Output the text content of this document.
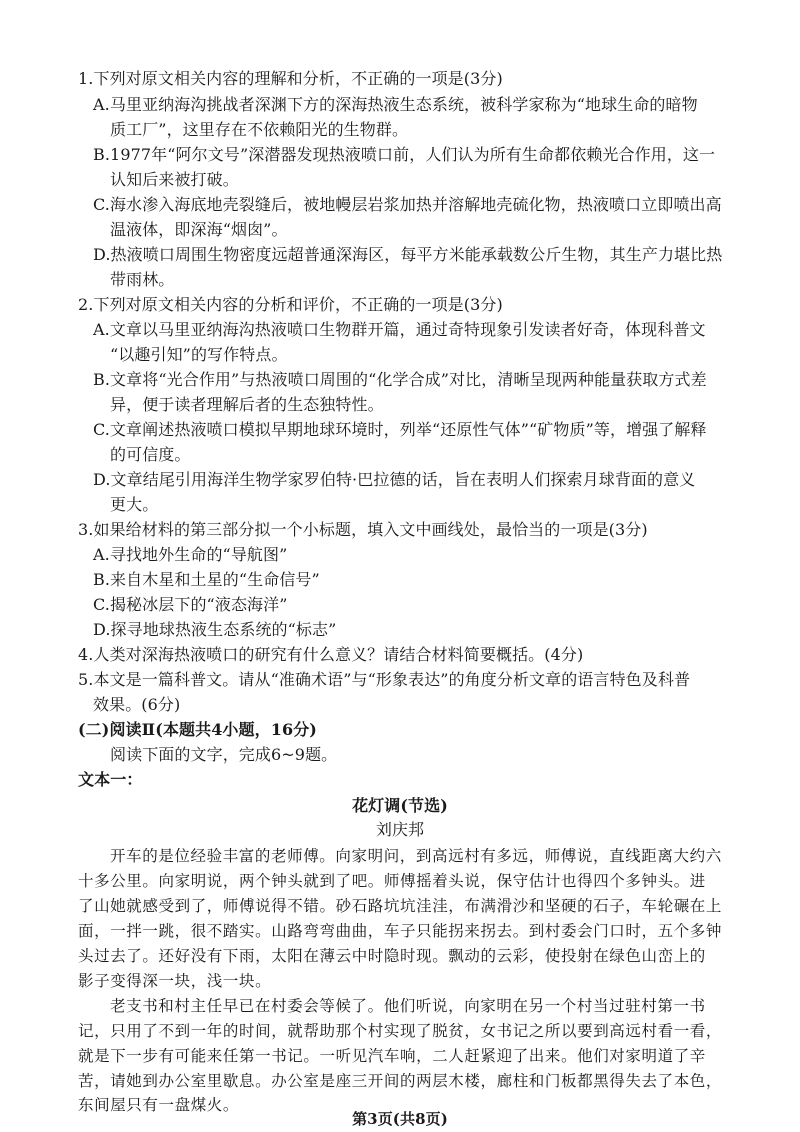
1.下列对原文相关内容的理解和分析，不正确的一项是(3分)
A.马里亚纳海沟挑战者深渊下方的深海热液生态系统，被科学家称为“地球生命的暗物
质工厂”，这里存在不依赖阳光的生物群。
B.1977年“阿尔文号”深潜器发现热液喷口前，人们认为所有生命都依赖光合作用，这一
认知后来被打破。
C.海水渗入海底地壳裂缝后，被地幔层岩浆加热并溶解地壳硫化物，热液喷口立即喷出高
温液体，即深海“烟囱”。
D.热液喷口周围生物密度远超普通深海区，每平方米能承载数公斤生物，其生产力堪比热
带雨林。
2.下列对原文相关内容的分析和评价，不正确的一项是(3分)
A.文章以马里亚纳海沟热液喷口生物群开篇，通过奇特现象引发读者好奇，体现科普文
“以趣引知”的写作特点。
B.文章将“光合作用”与热液喷口周围的“化学合成”对比，清晰呈现两种能量获取方式差
异，便于读者理解后者的生态独特性。
C.文章阐述热液喷口模拟早期地球环境时，列举“还原性气体”“矿物质”等，增强了解释
的可信度。
D.文章结尾引用海洋生物学家罗伯特·巴拉德的话，旨在表明人们探索月球背面的意义
更大。
3.如果给材料的第三部分拟一个小标题，填入文中画线处，最恰当的一项是(3分)
A.寻找地外生命的“导航图”
B.来自木星和土星的“生命信号”
C.揭秘冰层下的“液态海洋”
D.探寻地球热液生态系统的“标志”
4.人类对深海热液喷口的研究有什么意义？请结合材料简要概括。(4分)
5.本文是一篇科普文。请从“准确术语”与“形象表达”的角度分析文章的语言特色及科普
效果。(6分)
(二)阅读Ⅱ(本题共4小题，16分)
阅读下面的文字，完成6~9题。
文本一：
花灯调(节选)
刘庆邦
开车的是位经验丰富的老师傅。向家明问，到高远村有多远，师傅说，直线距离大约六
十多公里。向家明说，两个钟头就到了吧。师傅摇着头说，保守估计也得四个多钟头。进
了山她就感受到了，师傅说得不错。砂石路坑坑洼洼，布满滑沙和坚硬的石子，车轮碾在上
面，一拌一跳，很不踏实。山路弯弯曲曲，车子只能拐来拐去。到村委会门口时，五个多钟
头过去了。还好没有下雨，太阳在薄云中时隐时现。飘动的云彩，使投射在绿色山峦上的
影子变得深一块，浅一块。
老支书和村主任早已在村委会等候了。他们听说，向家明在另一个村当过驻村第一书
记，只用了不到一年的时间，就帮助那个村实现了脱贫，女书记之所以要到高远村看一看，
就是下一步有可能来任第一书记。一听见汽车响，二人赶紧迎了出来。他们对家明道了辛
苦，请她到办公室里歇息。办公室是座三开间的两层木楼，廊柱和门板都黑得失去了本色，
东间屋只有一盘煤火。
第3页(共8页)
